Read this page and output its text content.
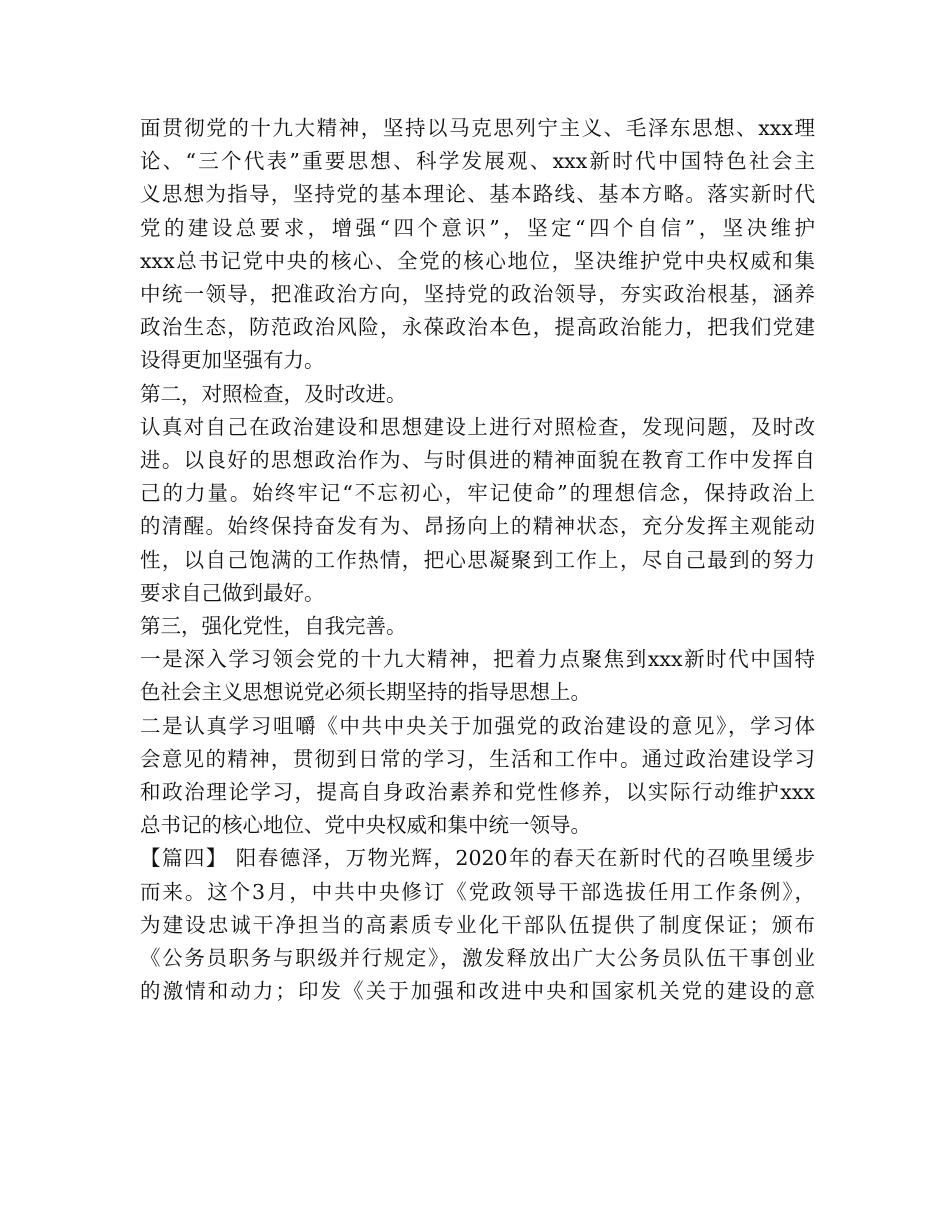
面贯彻党的十九大精神，坚持以马克思列宁主义、毛泽东思想、xxx理
论、“三个代表”重要思想、科学发展观、xxx新时代中国特色社会主
义思想为指导，坚持党的基本理论、基本路线、基本方略。落实新时代
党的建设总要求，增强“四个意识”，坚定“四个自信”，坚决维护
xxx总书记党中央的核心、全党的核心地位，坚决维护党中央权威和集
中统一领导，把准政治方向，坚持党的政治领导，夯实政治根基，涵养
政治生态，防范政治风险，永葆政治本色，提高政治能力，把我们党建
设得更加坚强有力。
第二，对照检查，及时改进。
认真对自己在政治建设和思想建设上进行对照检查，发现问题，及时改
进。以良好的思想政治作为、与时俱进的精神面貌在教育工作中发挥自
己的力量。始终牢记“不忘初心，牢记使命”的理想信念，保持政治上
的清醒。始终保持奋发有为、昂扬向上的精神状态，充分发挥主观能动
性，以自己饱满的工作热情，把心思凝聚到工作上，尽自己最到的努力
要求自己做到最好。
第三，强化党性，自我完善。
一是深入学习领会党的十九大精神，把着力点聚焦到xxx新时代中国特
色社会主义思想说党必须长期坚持的指导思想上。
二是认真学习咀嚼《中共中央关于加强党的政治建设的意见》，学习体
会意见的精神，贯彻到日常的学习，生活和工作中。通过政治建设学习
和政治理论学习，提高自身政治素养和党性修养，以实际行动维护xxx
总书记的核心地位、党中央权威和集中统一领导。
【篇四】 阳春德泽，万物光辉，2020年的春天在新时代的召唤里缓步
而来。这个3月，中共中央修订《党政领导干部选拔任用工作条例》，
为建设忠诚干净担当的高素质专业化干部队伍提供了制度保证；颁布
《公务员职务与职级并行规定》，激发释放出广大公务员队伍干事创业
的激情和动力；印发《关于加强和改进中央和国家机关党的建设的意
